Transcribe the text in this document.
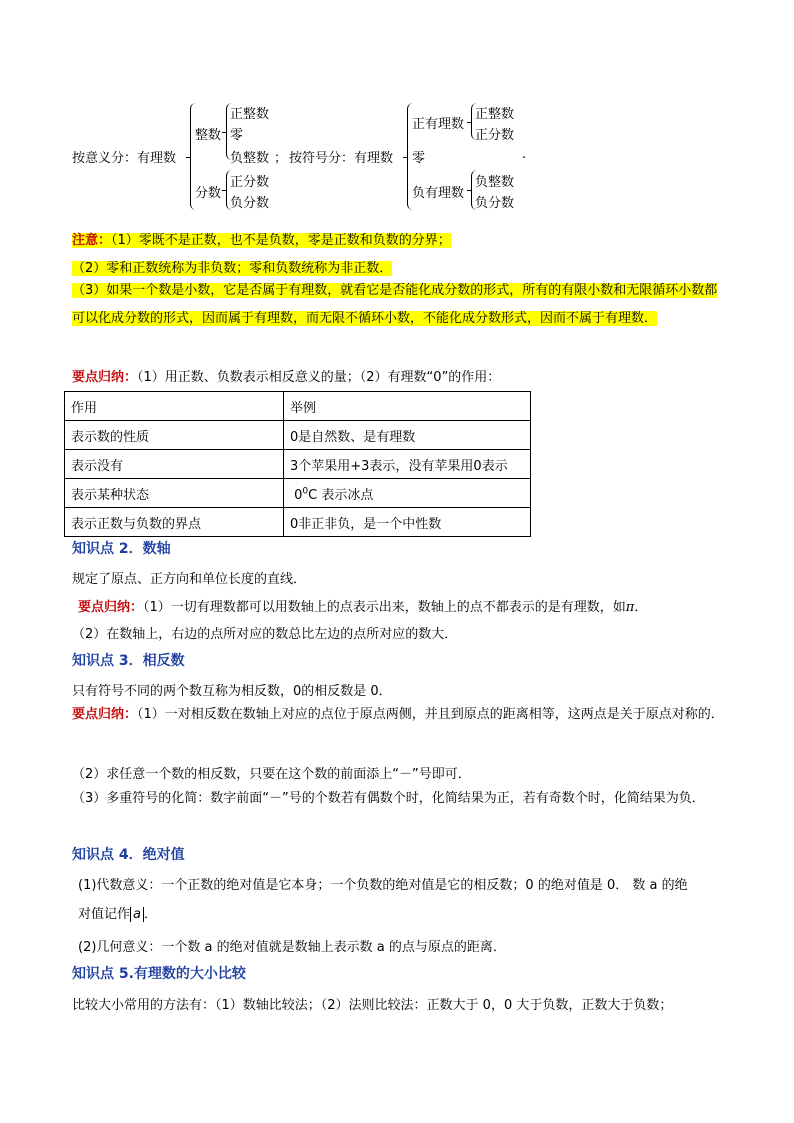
按意义分：有理数
整数
正整数
零
负整数
分数
正分数
负分数
； 按符号分：有理数
正有理数
正整数
正分数
零
负有理数
负整数
负分数
.
注意：（1）零既不是正数，也不是负数，零是正数和负数的分界；
（2）零和正数统称为非负数；零和负数统称为非正数．
（3）如果一个数是小数，它是否属于有理数，就看它是否能化成分数的形式，所有的有限小数和无限循环小数都可以化成分数的形式，因而属于有理数，而无限不循环小数，不能化成分数形式，因而不属于有理数．
要点归纳：（1）用正数、负数表示相反意义的量；（2）有理数“0”的作用：
作用	举例
表示数的性质	0是自然数、是有理数
表示没有	3个苹果用+3表示，没有苹果用0表示
表示某种状态	$0^0C$ 表示冰点
表示正数与负数的界点	0非正非负，是一个中性数
知识点 2．数轴
规定了原点、正方向和单位长度的直线．
要点归纳：（1）一切有理数都可以用数轴上的点表示出来，数轴上的点不都表示的是有理数，如π．
（2）在数轴上，右边的点所对应的数总比左边的点所对应的数大．
知识点 3．相反数
只有符号不同的两个数互称为相反数，0的相反数是 0．
要点归纳：（1）一对相反数在数轴上对应的点位于原点两侧，并且到原点的距离相等，这两点是关于原点对称的．
（2）求任意一个数的相反数，只要在这个数的前面添上“－”号即可．
（3）多重符号的化简：数字前面“－”号的个数若有偶数个时，化简结果为正，若有奇数个时，化简结果为负．
知识点 4．绝对值
(1)代数意义：一个正数的绝对值是它本身；一个负数的绝对值是它的相反数；0 的绝对值是 0． 数 a 的绝
对值记作 a ．
(2)几何意义：一个数 a 的绝对值就是数轴上表示数 a 的点与原点的距离．
知识点 5.有理数的大小比较
比较大小常用的方法有：（1）数轴比较法；（2）法则比较法：正数大于 0，0 大于负数，正数大于负数；
